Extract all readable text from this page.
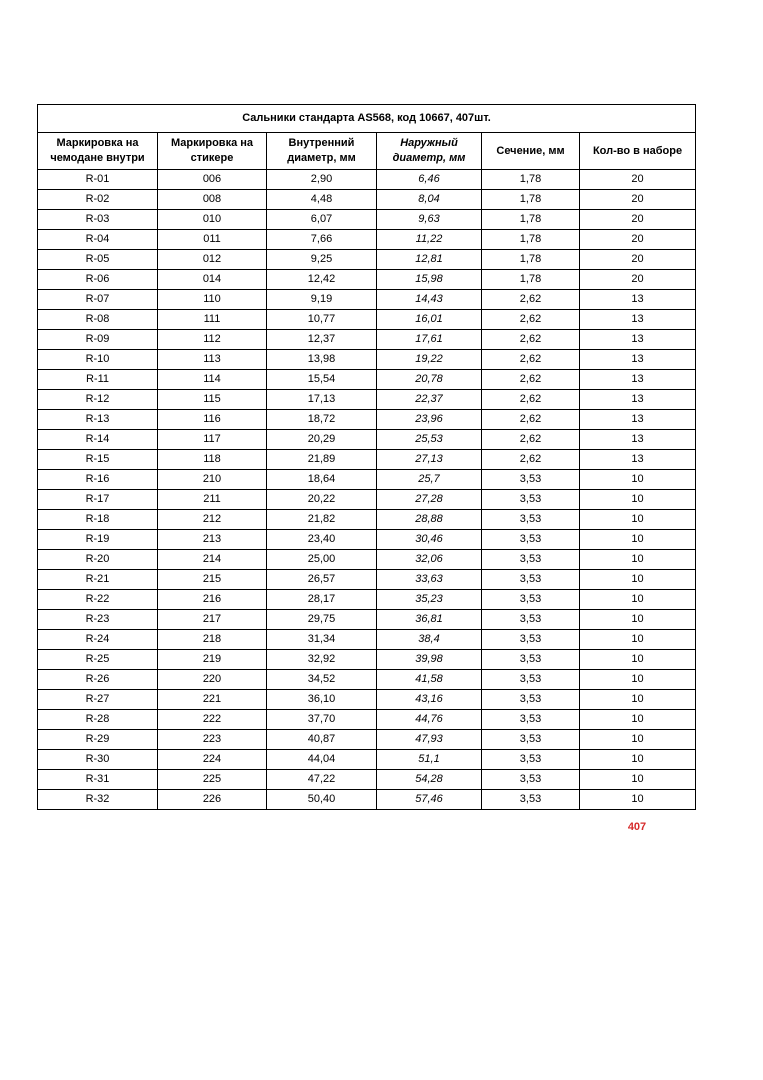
Сальники стандарта AS568, код 10667, 407шт.					
Маркировка на чемодане внутри	Маркировка на стикере	Внутренний диаметр, мм	Наружный диаметр, мм	Сечение, мм	Кол-во в наборе
R-01	006	2,90	6,46	1,78	20
R-02	008	4,48	8,04	1,78	20
R-03	010	6,07	9,63	1,78	20
R-04	011	7,66	11,22	1,78	20
R-05	012	9,25	12,81	1,78	20
R-06	014	12,42	15,98	1,78	20
R-07	110	9,19	14,43	2,62	13
R-08	111	10,77	16,01	2,62	13
R-09	112	12,37	17,61	2,62	13
R-10	113	13,98	19,22	2,62	13
R-11	114	15,54	20,78	2,62	13
R-12	115	17,13	22,37	2,62	13
R-13	116	18,72	23,96	2,62	13
R-14	117	20,29	25,53	2,62	13
R-15	118	21,89	27,13	2,62	13
R-16	210	18,64	25,7	3,53	10
R-17	211	20,22	27,28	3,53	10
R-18	212	21,82	28,88	3,53	10
R-19	213	23,40	30,46	3,53	10
R-20	214	25,00	32,06	3,53	10
R-21	215	26,57	33,63	3,53	10
R-22	216	28,17	35,23	3,53	10
R-23	217	29,75	36,81	3,53	10
R-24	218	31,34	38,4	3,53	10
R-25	219	32,92	39,98	3,53	10
R-26	220	34,52	41,58	3,53	10
R-27	221	36,10	43,16	3,53	10
R-28	222	37,70	44,76	3,53	10
R-29	223	40,87	47,93	3,53	10
R-30	224	44,04	51,1	3,53	10
R-31	225	47,22	54,28	3,53	10
R-32	226	50,40	57,46	3,53	10
407
